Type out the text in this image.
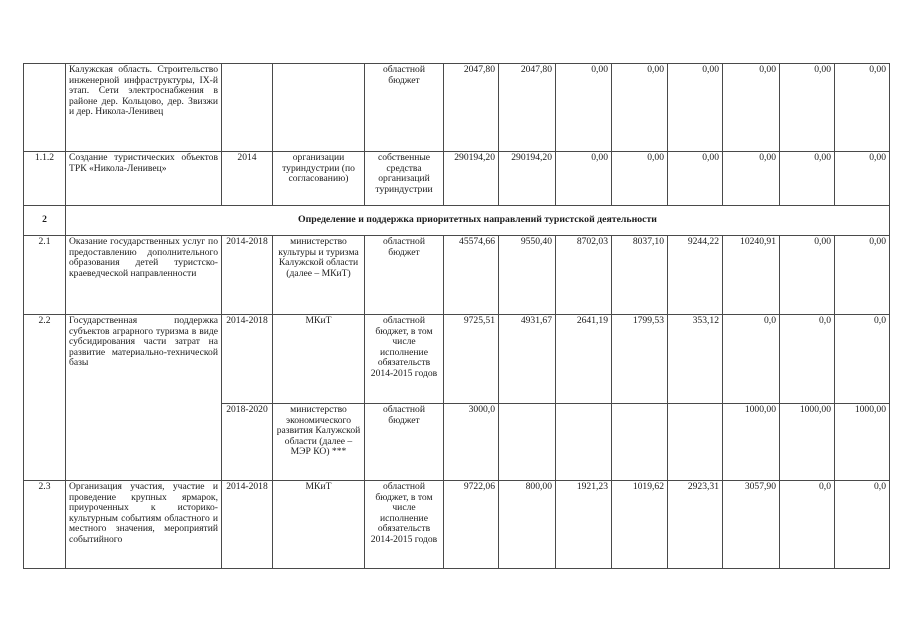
	Калужская область. Строительство инженерной инфраструктуры, IX-й этап. Сети электроснабжения в районе дер. Кольцово, дер. Звизжи и дер. Никола-Ленивец			областной бюджет	2047,80	2047,80	0,00	0,00	0,00	0,00	0,00	0,00
1.1.2	Создание туристических объектов ТРК «Никола-Ленивец»	2014	организации туриндустрии (по согласованию)	собственные средства организаций туриндустрии	290194,20	290194,20	0,00	0,00	0,00	0,00	0,00	0,00
2	Определение и поддержка приоритетных направлений туристской деятельности											
2.1	Оказание государственных услуг по предоставлению дополнительного образования детей туристско-краеведческой направленности	2014-2018	министерство культуры и туризма Калужской области (далее – МКиТ)	областной бюджет	45574,66	9550,40	8702,03	8037,10	9244,22	10240,91	0,00	0,00
2.2	Государственная поддержка субъектов аграрного туризма в виде субсидирования части затрат на развитие материально-технической базы	2014-2018	МКиТ	областной бюджет, в том числе исполнение обязательств 2014-2015 годов	9725,51	4931,67	2641,19	1799,53	353,12	0,0	0,0	0,0
		2018-2020	министерство экономического развития Калужской области (далее – МЭР КО) ***	областной бюджет	3000,0					1000,00	1000,00	1000,00
2.3	Организация участия, участие и проведение крупных ярмарок, приуроченных к историко-культурным событиям областного и местного значения, мероприятий событийного	2014-2018	МКиТ	областной бюджет, в том числе исполнение обязательств 2014-2015 годов	9722,06	800,00	1921,23	1019,62	2923,31	3057,90	0,0	0,0
